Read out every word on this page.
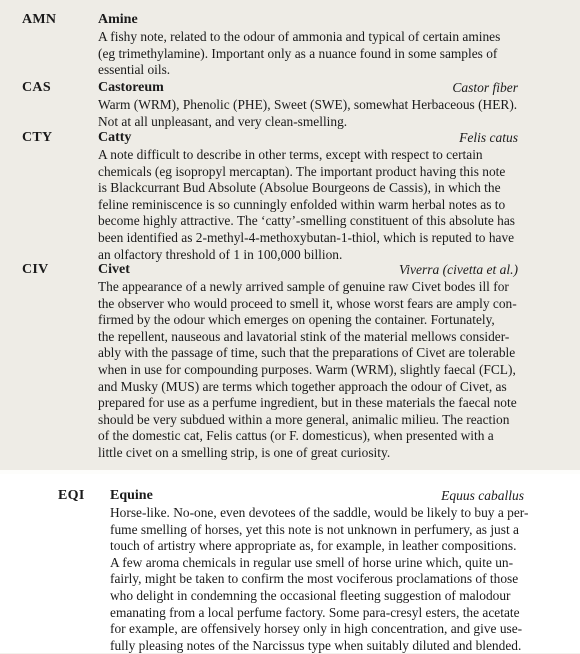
AMN	Amine
A fishy note, related to the odour of ammonia and typical of certain amines
(eg trimethylamine). Important only as a nuance found in some samples of
essential oils.
CAS	Castoreum	Castor fiber
Warm (WRM), Phenolic (PHE), Sweet (SWE), somewhat Herbaceous (HER).
Not at all unpleasant, and very clean-smelling.
CTY	Catty	Felis catus
A note difficult to describe in other terms, except with respect to certain
chemicals (eg isopropyl mercaptan). The important product having this note
is Blackcurrant Bud Absolute (Absolue Bourgeons de Cassis), in which the
feline reminiscence is so cunningly enfolded within warm herbal notes as to
become highly attractive. The ‘catty’-smelling constituent of this absolute has
been identified as 2-methyl-4-methoxybutan-1-thiol, which is reputed to have
an olfactory threshold of 1 in 100,000 billion.
CIV	Civet	Viverra (civetta et al.)
The appearance of a newly arrived sample of genuine raw Civet bodes ill for
the observer who would proceed to smell it, whose worst fears are amply con-
firmed by the odour which emerges on opening the container. Fortunately,
the repellent, nauseous and lavatorial stink of the material mellows consider-
ably with the passage of time, such that the preparations of Civet are tolerable
when in use for compounding purposes. Warm (WRM), slightly faecal (FCL),
and Musky (MUS) are terms which together approach the odour of Civet, as
prepared for use as a perfume ingredient, but in these materials the faecal note
should be very subdued within a more general, animalic milieu. The reaction
of the domestic cat, Felis cattus (or F. domesticus), when presented with a
little civet on a smelling strip, is one of great curiosity.
EQI	Equine	Equus caballus
Horse-like. No-one, even devotees of the saddle, would be likely to buy a per-
fume smelling of horses, yet this note is not unknown in perfumery, as just a
touch of artistry where appropriate as, for example, in leather compositions.
A few aroma chemicals in regular use smell of horse urine which, quite un-
fairly, might be taken to confirm the most vociferous proclamations of those
who delight in condemning the occasional fleeting suggestion of malodour
emanating from a local perfume factory. Some para-cresyl esters, the acetate
for example, are offensively horsey only in high concentration, and give use-
fully pleasing notes of the Narcissus type when suitably diluted and blended.
